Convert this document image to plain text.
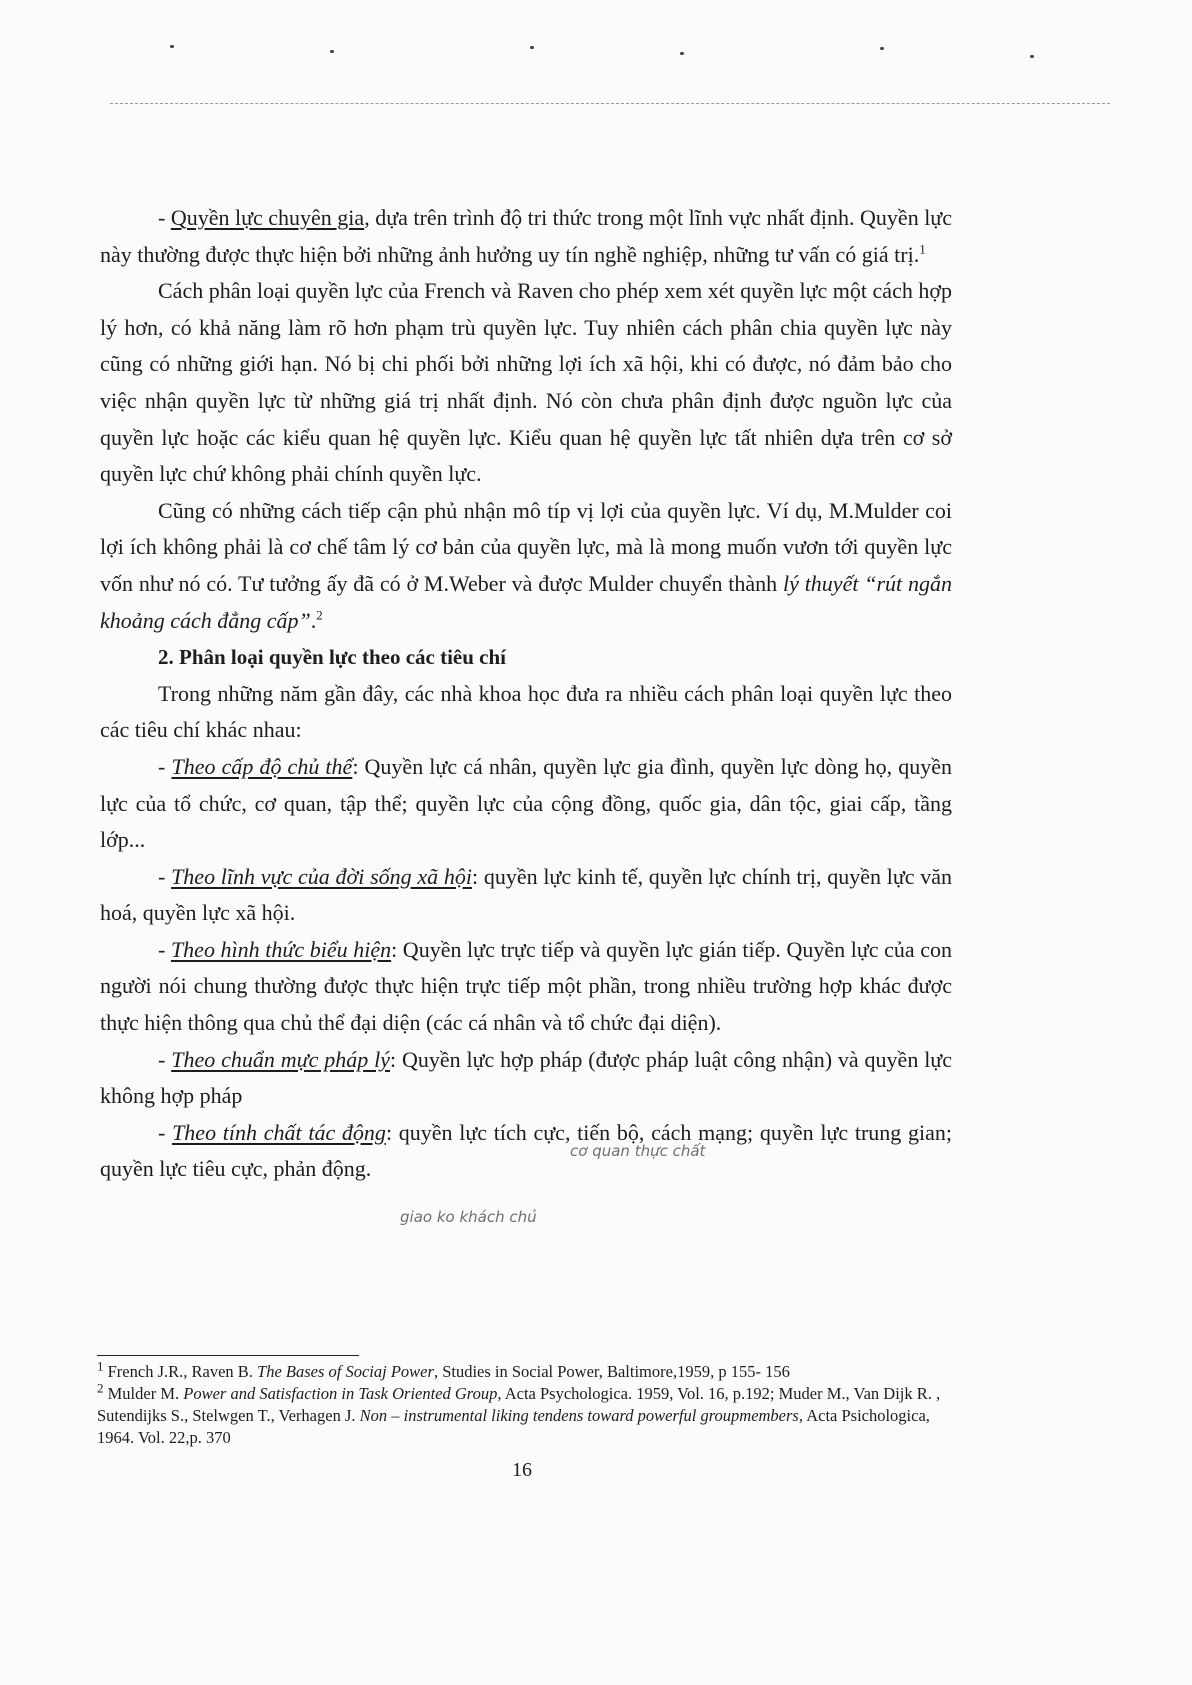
- Quyền lực chuyên gia, dựa trên trình độ tri thức trong một lĩnh vực nhất định. Quyền lực này thường được thực hiện bởi những ảnh hưởng uy tín nghề nghiệp, những tư vấn có giá trị.$^1$

Cách phân loại quyền lực của French và Raven cho phép xem xét quyền lực một cách hợp lý hơn, có khả năng làm rõ hơn phạm trù quyền lực. Tuy nhiên cách phân chia quyền lực này cũng có những giới hạn. Nó bị chi phối bởi những lợi ích xã hội, khi có được, nó đảm bảo cho việc nhận quyền lực từ những giá trị nhất định. Nó còn chưa phân định được nguồn lực của quyền lực hoặc các kiểu quan hệ quyền lực. Kiểu quan hệ quyền lực tất nhiên dựa trên cơ sở quyền lực chứ không phải chính quyền lực.

Cũng có những cách tiếp cận phủ nhận mô típ vị lợi của quyền lực. Ví dụ, M.Mulder coi lợi ích không phải là cơ chế tâm lý cơ bản của quyền lực, mà là mong muốn vươn tới quyền lực vốn như nó có. Tư tưởng ấy đã có ở M.Weber và được Mulder chuyển thành lý thuyết “rút ngắn khoảng cách đẳng cấp”.$^2$

2. Phân loại quyền lực theo các tiêu chí

Trong những năm gần đây, các nhà khoa học đưa ra nhiều cách phân loại quyền lực theo các tiêu chí khác nhau:

- Theo cấp độ chủ thể: Quyền lực cá nhân, quyền lực gia đình, quyền lực dòng họ, quyền lực của tổ chức, cơ quan, tập thể; quyền lực của cộng đồng, quốc gia, dân tộc, giai cấp, tầng lớp...

- Theo lĩnh vực của đời sống xã hội: quyền lực kinh tế, quyền lực chính trị, quyền lực văn hoá, quyền lực xã hội.

- Theo hình thức biểu hiện: Quyền lực trực tiếp và quyền lực gián tiếp. Quyền lực của con người nói chung thường được thực hiện trực tiếp một phần, trong nhiều trường hợp khác được thực hiện thông qua chủ thể đại diện (các cá nhân và tổ chức đại diện).

- Theo chuẩn mực pháp lý: Quyền lực hợp pháp (được pháp luật công nhận) và quyền lực không hợp pháp

- Theo tính chất tác động: quyền lực tích cực, tiến bộ, cách mạng; quyền lực trung gian; quyền lực tiêu cực, phản động.

cơ quan thực chất
giao ko khách chủ

$^1$ French J.R., Raven B. The Bases of Sociaj Power, Studies in Social Power, Baltimore,1959, p 155- 156

$^2$ Mulder M. Power and Satisfaction in Task Oriented Group, Acta Psychologica. 1959, Vol. 16, p.192; Muder M., Van Dijk R. , Sutendijks S., Stelwgen T., Verhagen J. Non – instrumental liking tendens toward powerful groupmembers, Acta Psichologica, 1964. Vol. 22,p. 370

16
